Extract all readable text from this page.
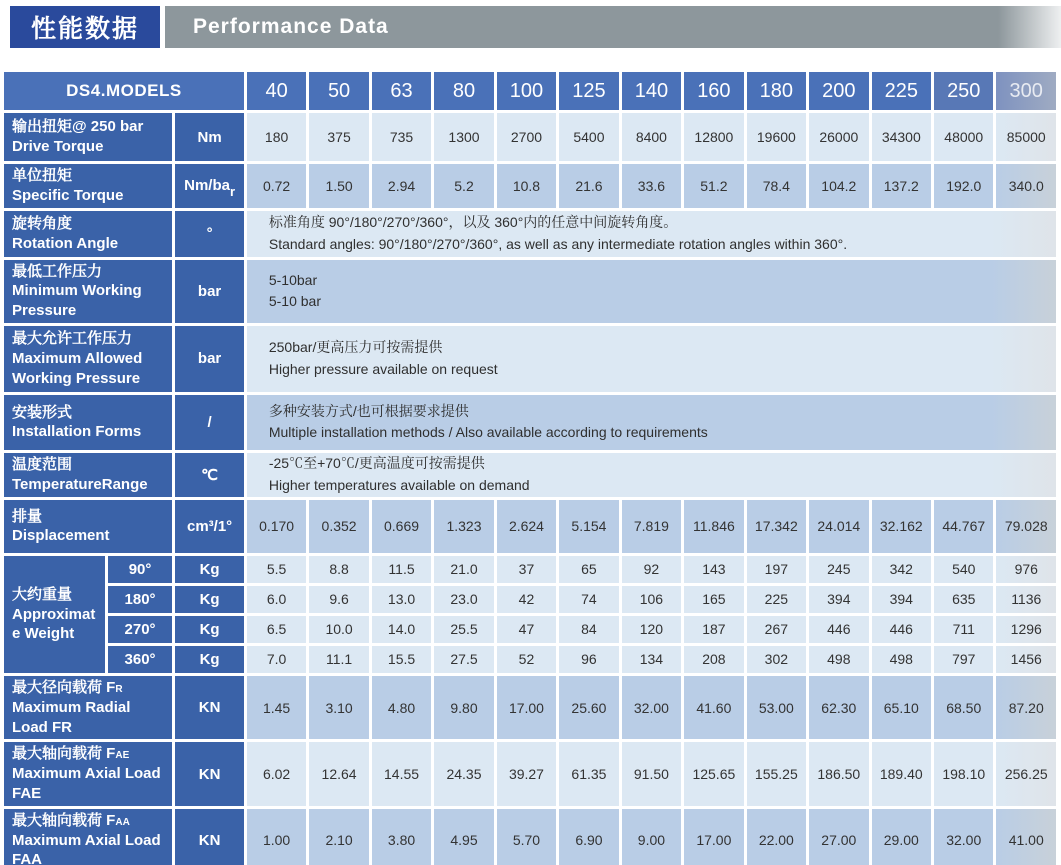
性能数据	Performance Data
DS4.MODELS			40	50	63	80	100	125	140	160	180	200	225	250	300

输出扭矩@ 250 bar
Drive Torque		Nm	180	375	735	1300	2700	5400	8400	12800	19600	26000	34300	48000	85000

单位扭矩
Specific Torque		Nm/bar	0.72	1.50	2.94	5.2	10.8	21.6	33.6	51.2	78.4	104.2	137.2	192.0	340.0

旋转角度
Rotation Angle
	°	
标准角度 90°/180°/270°/360°，以及 360°内的任意中间旋转角度。
Standard angles: 90°/180°/270°/360°, as well as any intermediate rotation angles within 360°.

最低工作压力
Minimum Working Pressure
	bar	
5-10bar
5-10 bar

最大允许工作压力
Maximum Allowed Working Pressure
	bar	
250bar/更高压力可按需提供
Higher pressure available on request

安装形式
Installation Forms
	/	
多种安装方式/也可根据要求提供
Multiple installation methods / Also available according to requirements

温度范围
TemperatureRange
	℃	
-25℃至+70℃/更高温度可按需提供
Higher temperatures available on demand

排量
Displacement		cm³/1°	0.170	0.352	0.669	1.323	2.624	5.154	7.819	11.846	17.342	24.014	32.162	44.767	79.028

大约重量
Approximate Weight	90°	Kg	5.5	8.8	11.5	21.0	37	65	92	143	197	245	342	540	976
	180°	Kg	6.0	9.6	13.0	23.0	42	74	106	165	225	394	394	635	1136
	270°	Kg	6.5	10.0	14.0	25.5	47	84	120	187	267	446	446	711	1296
	360°	Kg	7.0	11.1	15.5	27.5	52	96	134	208	302	498	498	797	1456

最大径向载荷 FR
Maximum Radial Load FR		KN	1.45	3.10	4.80	9.80	17.00	25.60	32.00	41.60	53.00	62.30	65.10	68.50	87.20

最大轴向载荷 FAE
Maximum Axial Load FAE		KN	6.02	12.64	14.55	24.35	39.27	61.35	91.50	125.65	155.25	186.50	189.40	198.10	256.25

最大轴向载荷 FAA
Maximum Axial Load FAA		KN	1.00	2.10	3.80	4.95	5.70	6.90	9.00	17.00	22.00	27.00	29.00	32.00	41.00
